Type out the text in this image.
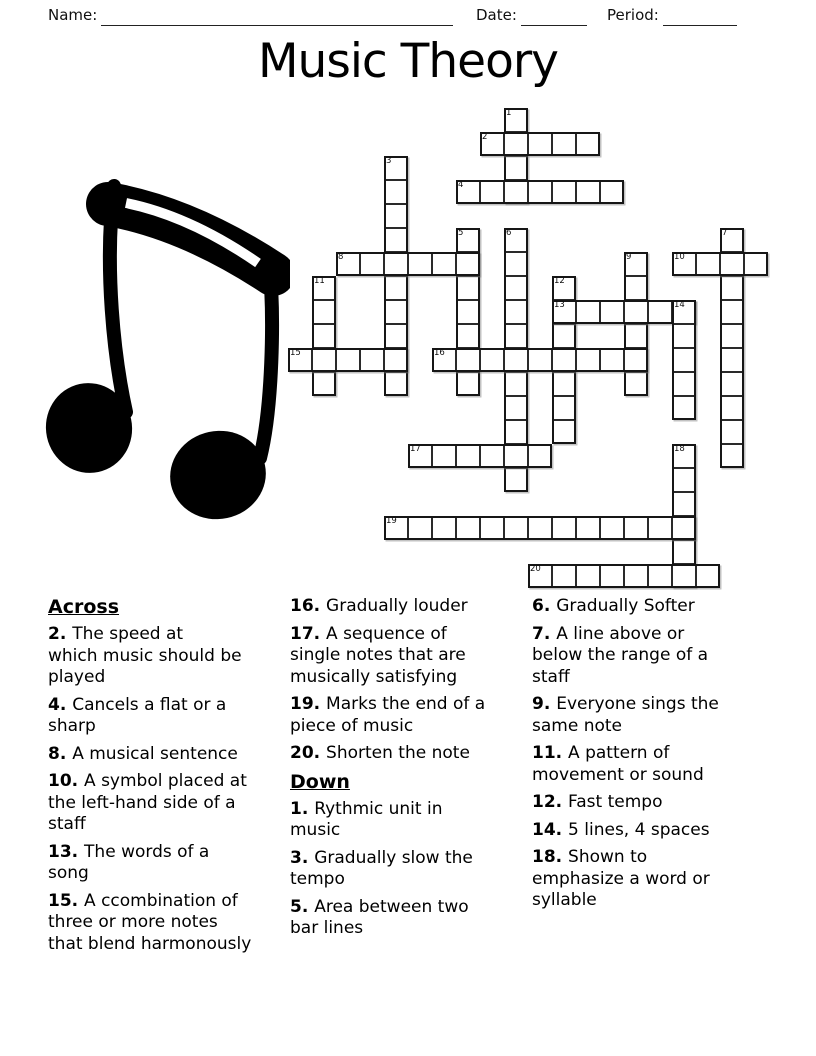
Name:	Date:	Period:
Music Theory
1
2
3
4
5	6	7
8	9	10
11	12
13	14
15	16
17	18
19
20
Across
2. The speed at
which music should be
played
4. Cancels a flat or a
sharp
8. A musical sentence
10. A symbol placed at
the left-hand side of a
staff
13. The words of a
song
15. A ccombination of
three or more notes
that blend harmonously
16. Gradually louder
17. A sequence of
single notes that are
musically satisfying
19. Marks the end of a
piece of music
20. Shorten the note
Down
1. Rythmic unit in
music
3. Gradually slow the
tempo
5. Area between two
bar lines
6. Gradually Softer
7. A line above or
below the range of a
staff
9. Everyone sings the
same note
11. A pattern of
movement or sound
12. Fast tempo
14. 5 lines, 4 spaces
18. Shown to
emphasize a word or
syllable
